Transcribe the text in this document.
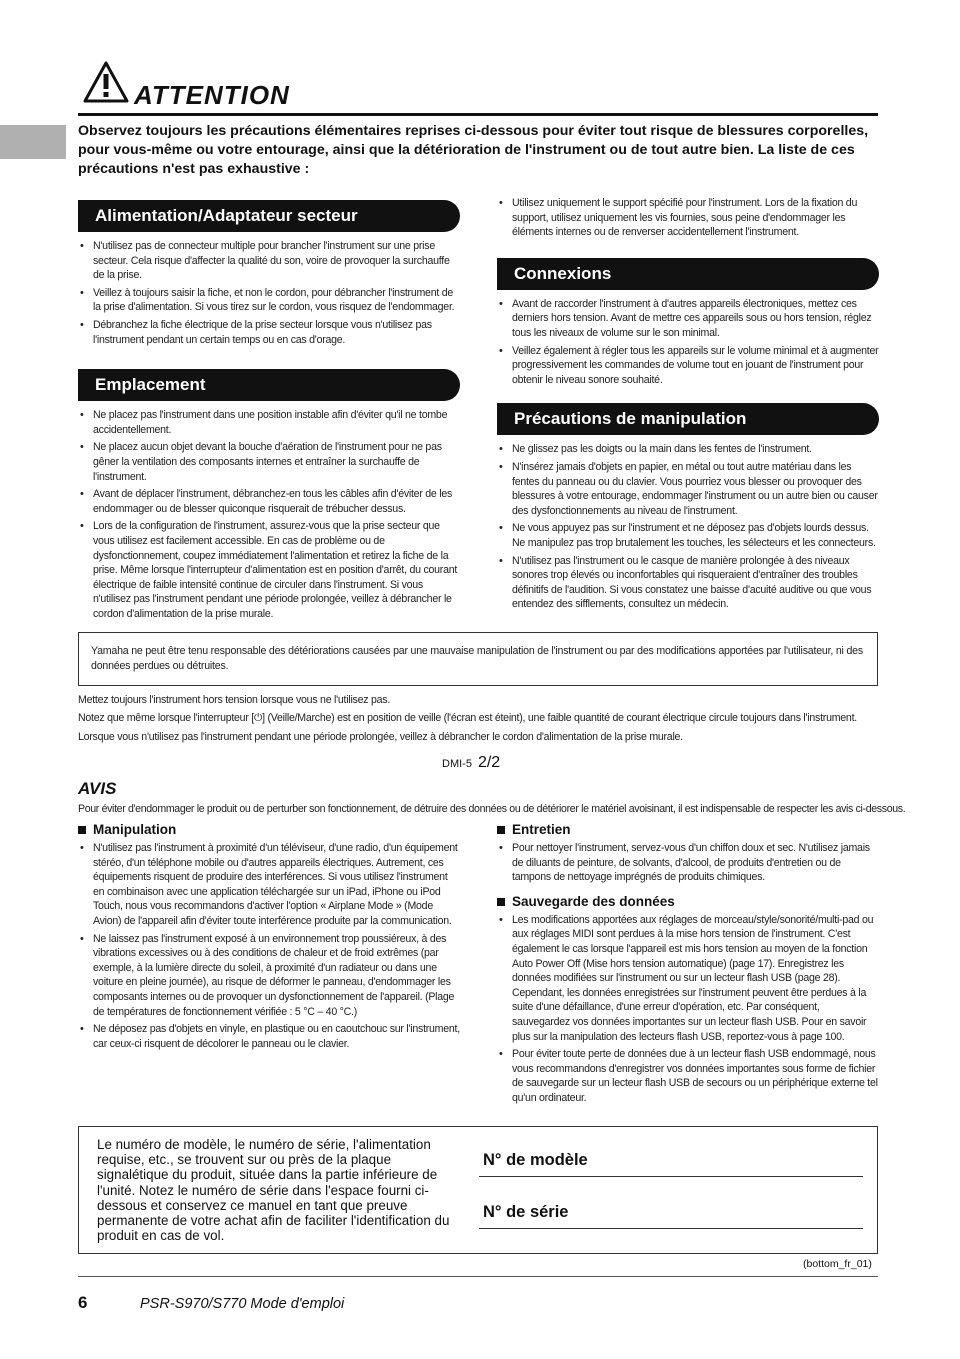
ATTENTION
Observez toujours les précautions élémentaires reprises ci-dessous pour éviter tout risque de blessures corporelles, pour vous-même ou votre entourage, ainsi que la détérioration de l'instrument ou de tout autre bien. La liste de ces précautions n'est pas exhaustive :
Alimentation/Adaptateur secteur
• N'utilisez pas de connecteur multiple pour brancher l'instrument sur une prise secteur. Cela risque d'affecter la qualité du son, voire de provoquer la surchauffe de la prise.
• Veillez à toujours saisir la fiche, et non le cordon, pour débrancher l'instrument de la prise d'alimentation. Si vous tirez sur le cordon, vous risquez de l'endommager.
• Débranchez la fiche électrique de la prise secteur lorsque vous n'utilisez pas l'instrument pendant un certain temps ou en cas d'orage.
Emplacement
• Ne placez pas l'instrument dans une position instable afin d'éviter qu'il ne tombe accidentellement.
• Ne placez aucun objet devant la bouche d'aération de l'instrument pour ne pas gêner la ventilation des composants internes et entraîner la surchauffe de l'instrument.
• Avant de déplacer l'instrument, débranchez-en tous les câbles afin d'éviter de les endommager ou de blesser quiconque risquerait de trébucher dessus.
• Lors de la configuration de l'instrument, assurez-vous que la prise secteur que vous utilisez est facilement accessible. En cas de problème ou de dysfonctionnement, coupez immédiatement l'alimentation et retirez la fiche de la prise. Même lorsque l'interrupteur d'alimentation est en position d'arrêt, du courant électrique de faible intensité continue de circuler dans l'instrument. Si vous n'utilisez pas l'instrument pendant une période prolongée, veillez à débrancher le cordon d'alimentation de la prise murale.
• Utilisez uniquement le support spécifié pour l'instrument. Lors de la fixation du support, utilisez uniquement les vis fournies, sous peine d'endommager les éléments internes ou de renverser accidentellement l'instrument.
Connexions
• Avant de raccorder l'instrument à d'autres appareils électroniques, mettez ces derniers hors tension. Avant de mettre ces appareils sous ou hors tension, réglez tous les niveaux de volume sur le son minimal.
• Veillez également à régler tous les appareils sur le volume minimal et à augmenter progressivement les commandes de volume tout en jouant de l'instrument pour obtenir le niveau sonore souhaité.
Précautions de manipulation
• Ne glissez pas les doigts ou la main dans les fentes de l'instrument.
• N'insérez jamais d'objets en papier, en métal ou tout autre matériau dans les fentes du panneau ou du clavier. Vous pourriez vous blesser ou provoquer des blessures à votre entourage, endommager l'instrument ou un autre bien ou causer des dysfonctionnements au niveau de l'instrument.
• Ne vous appuyez pas sur l'instrument et ne déposez pas d'objets lourds dessus. Ne manipulez pas trop brutalement les touches, les sélecteurs et les connecteurs.
• N'utilisez pas l'instrument ou le casque de manière prolongée à des niveaux sonores trop élevés ou inconfortables qui risqueraient d'entraîner des troubles définitifs de l'audition. Si vous constatez une baisse d'acuité auditive ou que vous entendez des sifflements, consultez un médecin.
Yamaha ne peut être tenu responsable des détériorations causées par une mauvaise manipulation de l'instrument ou par des modifications apportées par l'utilisateur, ni des données perdues ou détruites.
Mettez toujours l'instrument hors tension lorsque vous ne l'utilisez pas.
Notez que même lorsque l'interrupteur [⏻] (Veille/Marche) est en position de veille (l'écran est éteint), une faible quantité de courant électrique circule toujours dans l'instrument.
Lorsque vous n'utilisez pas l'instrument pendant une période prolongée, veillez à débrancher le cordon d'alimentation de la prise murale.
DMI-5 2/2
AVIS
Pour éviter d'endommager le produit ou de perturber son fonctionnement, de détruire des données ou de détériorer le matériel avoisinant, il est indispensable de respecter les avis ci-dessous.
Manipulation
• N'utilisez pas l'instrument à proximité d'un téléviseur, d'une radio, d'un équipement stéréo, d'un téléphone mobile ou d'autres appareils électriques. Autrement, ces équipements risquent de produire des interférences. Si vous utilisez l'instrument en combinaison avec une application téléchargée sur un iPad, iPhone ou iPod Touch, nous vous recommandons d'activer l'option « Airplane Mode » (Mode Avion) de l'appareil afin d'éviter toute interférence produite par la communication.
• Ne laissez pas l'instrument exposé à un environnement trop poussiéreux, à des vibrations excessives ou à des conditions de chaleur et de froid extrêmes (par exemple, à la lumière directe du soleil, à proximité d'un radiateur ou dans une voiture en pleine journée), au risque de déformer le panneau, d'endommager les composants internes ou de provoquer un dysfonctionnement de l'appareil. (Plage de températures de fonctionnement vérifiée : 5 °C – 40 °C.)
• Ne déposez pas d'objets en vinyle, en plastique ou en caoutchouc sur l'instrument, car ceux-ci risquent de décolorer le panneau ou le clavier.
Entretien
• Pour nettoyer l'instrument, servez-vous d'un chiffon doux et sec. N'utilisez jamais de diluants de peinture, de solvants, d'alcool, de produits d'entretien ou de tampons de nettoyage imprégnés de produits chimiques.
Sauvegarde des données
• Les modifications apportées aux réglages de morceau/style/sonorité/multi-pad ou aux réglages MIDI sont perdues à la mise hors tension de l'instrument. C'est également le cas lorsque l'appareil est mis hors tension au moyen de la fonction Auto Power Off (Mise hors tension automatique) (page 17). Enregistrez les données modifiées sur l'instrument ou sur un lecteur flash USB (page 28). Cependant, les données enregistrées sur l'instrument peuvent être perdues à la suite d'une défaillance, d'une erreur d'opération, etc. Par conséquent, sauvegardez vos données importantes sur un lecteur flash USB. Pour en savoir plus sur la manipulation des lecteurs flash USB, reportez-vous à page 100.
• Pour éviter toute perte de données due à un lecteur flash USB endommagé, nous vous recommandons d'enregistrer vos données importantes sous forme de fichier de sauvegarde sur un lecteur flash USB de secours ou un périphérique externe tel qu'un ordinateur.
Le numéro de modèle, le numéro de série, l'alimentation requise, etc., se trouvent sur ou près de la plaque signalétique du produit, située dans la partie inférieure de l'unité. Notez le numéro de série dans l'espace fourni ci-dessous et conservez ce manuel en tant que preuve permanente de votre achat afin de faciliter l'identification du produit en cas de vol.
N° de modèle
N° de série
(bottom_fr_01)
6	PSR-S970/S770 Mode d'emploi
